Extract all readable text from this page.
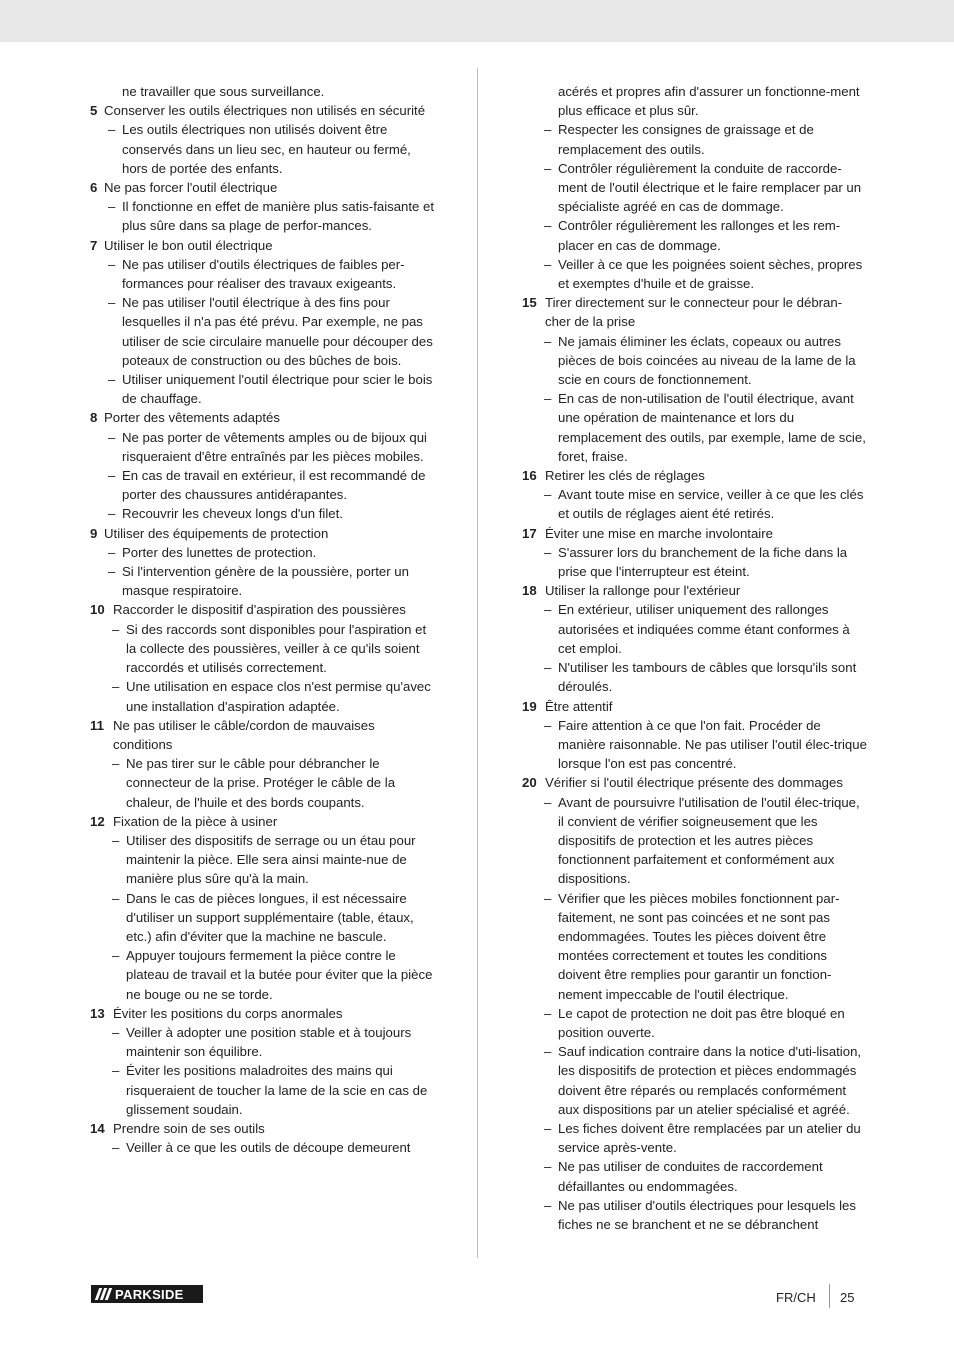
ne travailler que sous surveillance.
5 Conserver les outils électriques non utilisés en sécurité
– Les outils électriques non utilisés doivent être conservés dans un lieu sec, en hauteur ou fermé, hors de portée des enfants.
6 Ne pas forcer l'outil électrique
– Il fonctionne en effet de manière plus satis-faisante et plus sûre dans sa plage de perfor-mances.
7 Utiliser le bon outil électrique
– Ne pas utiliser d'outils électriques de faibles per-formances pour réaliser des travaux exigeants.
– Ne pas utiliser l'outil électrique à des fins pour lesquelles il n'a pas été prévu. Par exemple, ne pas utiliser de scie circulaire manuelle pour découper des poteaux de construction ou des bûches de bois.
– Utiliser uniquement l'outil électrique pour scier le bois de chauffage.
8 Porter des vêtements adaptés
– Ne pas porter de vêtements amples ou de bijoux qui risqueraient d'être entraînés par les pièces mobiles.
– En cas de travail en extérieur, il est recommandé de porter des chaussures antidérapantes.
– Recouvrir les cheveux longs d'un filet.
9 Utiliser des équipements de protection
– Porter des lunettes de protection.
– Si l'intervention génère de la poussière, porter un masque respiratoire.
10 Raccorder le dispositif d'aspiration des poussières
– Si des raccords sont disponibles pour l'aspiration et la collecte des poussières, veiller à ce qu'ils soient raccordés et utilisés correctement.
– Une utilisation en espace clos n'est permise qu'avec une installation d'aspiration adaptée.
11 Ne pas utiliser le câble/cordon de mauvaises conditions
– Ne pas tirer sur le câble pour débrancher le connecteur de la prise. Protéger le câble de la chaleur, de l'huile et des bords coupants.
12 Fixation de la pièce à usiner
– Utiliser des dispositifs de serrage ou un étau pour maintenir la pièce. Elle sera ainsi mainte-nue de manière plus sûre qu'à la main.
– Dans le cas de pièces longues, il est nécessaire d'utiliser un support supplémentaire (table, étaux, etc.) afin d'éviter que la machine ne bascule.
– Appuyer toujours fermement la pièce contre le plateau de travail et la butée pour éviter que la pièce ne bouge ou ne se torde.
13 Éviter les positions du corps anormales
– Veiller à adopter une position stable et à toujours maintenir son équilibre.
– Éviter les positions maladroites des mains qui risqueraient de toucher la lame de la scie en cas de glissement soudain.
14 Prendre soin de ses outils
– Veiller à ce que les outils de découpe demeurent
acérés et propres afin d'assurer un fonctionne-ment plus efficace et plus sûr.
– Respecter les consignes de graissage et de remplacement des outils.
– Contrôler régulièrement la conduite de raccorde-ment de l'outil électrique et le faire remplacer par un spécialiste agréé en cas de dommage.
– Contrôler régulièrement les rallonges et les rem-placer en cas de dommage.
– Veiller à ce que les poignées soient sèches, propres et exemptes d'huile et de graisse.
15 Tirer directement sur le connecteur pour le débran-cher de la prise
– Ne jamais éliminer les éclats, copeaux ou autres pièces de bois coincées au niveau de la lame de la scie en cours de fonctionnement.
– En cas de non-utilisation de l'outil électrique, avant une opération de maintenance et lors du remplacement des outils, par exemple, lame de scie, foret, fraise.
16 Retirer les clés de réglages
– Avant toute mise en service, veiller à ce que les clés et outils de réglages aient été retirés.
17 Éviter une mise en marche involontaire
– S'assurer lors du branchement de la fiche dans la prise que l'interrupteur est éteint.
18 Utiliser la rallonge pour l'extérieur
– En extérieur, utiliser uniquement des rallonges autorisées et indiquées comme étant conformes à cet emploi.
– N'utiliser les tambours de câbles que lorsqu'ils sont déroulés.
19 Être attentif
– Faire attention à ce que l'on fait. Procéder de manière raisonnable. Ne pas utiliser l'outil élec-trique lorsque l'on est pas concentré.
20 Vérifier si l'outil électrique présente des dommages
– Avant de poursuivre l'utilisation de l'outil élec-trique, il convient de vérifier soigneusement que les dispositifs de protection et les autres pièces fonctionnent parfaitement et conformément aux dispositions.
– Vérifier que les pièces mobiles fonctionnent par-faitement, ne sont pas coincées et ne sont pas endommagées. Toutes les pièces doivent être montées correctement et toutes les conditions doivent être remplies pour garantir un fonction-nement impeccable de l'outil électrique.
– Le capot de protection ne doit pas être bloqué en position ouverte.
– Sauf indication contraire dans la notice d'uti-lisation, les dispositifs de protection et pièces endommagés doivent être réparés ou remplacés conformément aux dispositions par un atelier spécialisé et agréé.
– Les fiches doivent être remplacées par un atelier du service après-vente.
– Ne pas utiliser de conduites de raccordement défaillantes ou endommagées.
– Ne pas utiliser d'outils électriques pour lesquels les fiches ne se branchent et ne se débranchent
PARKSIDE	FR/CH 25
